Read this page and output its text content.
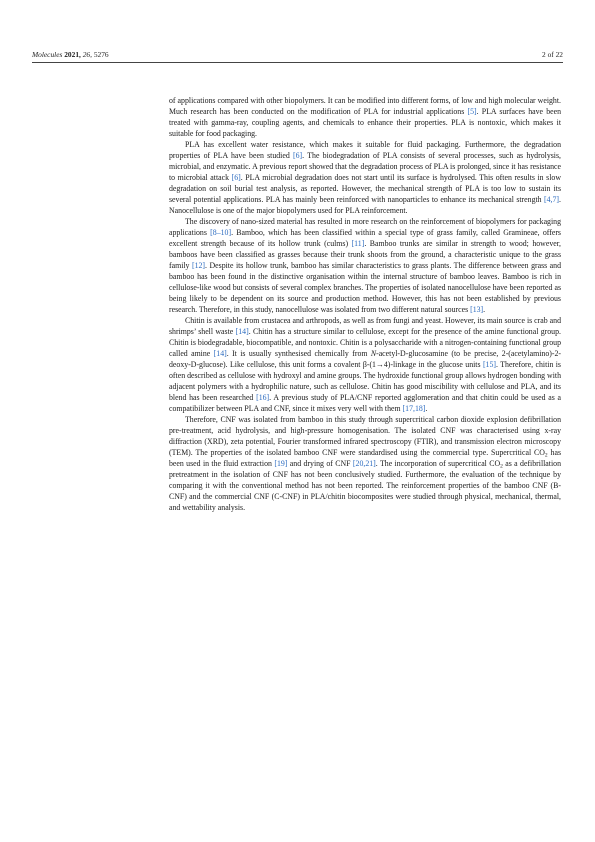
Molecules 2021, 26, 5276	2 of 22

of applications compared with other biopolymers. It can be modified into different forms, of low and high molecular weight. Much research has been conducted on the modification of PLA for industrial applications [5]. PLA surfaces have been treated with gamma-ray, coupling agents, and chemicals to enhance their properties. PLA is nontoxic, which makes it suitable for food packaging.

PLA has excellent water resistance, which makes it suitable for fluid packaging. Furthermore, the degradation properties of PLA have been studied [6]. The biodegradation of PLA consists of several processes, such as hydrolysis, microbial, and enzymatic. A previous report showed that the degradation process of PLA is prolonged, since it has resistance to microbial attack [6]. PLA microbial degradation does not start until its surface is hydrolysed. This often results in slow degradation on soil burial test analysis, as reported. However, the mechanical strength of PLA is too low to sustain its several potential applications. PLA has mainly been reinforced with nanoparticles to enhance its mechanical strength [4,7]. Nanocellulose is one of the major biopolymers used for PLA reinforcement.

The discovery of nano-sized material has resulted in more research on the reinforcement of biopolymers for packaging applications [8–10]. Bamboo, which has been classified within a special type of grass family, called Gramineae, offers excellent strength because of its hollow trunk (culms) [11]. Bamboo trunks are similar in strength to wood; however, bamboos have been classified as grasses because their trunk shoots from the ground, a characteristic unique to the grass family [12]. Despite its hollow trunk, bamboo has similar characteristics to grass plants. The difference between grass and bamboo has been found in the distinctive organisation within the internal structure of bamboo leaves. Bamboo is rich in cellulose-like wood but consists of several complex branches. The properties of isolated nanocellulose have been reported as being likely to be dependent on its source and production method. However, this has not been established by previous research. Therefore, in this study, nanocellulose was isolated from two different natural sources [13].

Chitin is available from crustacea and arthropods, as well as from fungi and yeast. However, its main source is crab and shrimps’ shell waste [14]. Chitin has a structure similar to cellulose, except for the presence of the amine functional group. Chitin is biodegradable, biocompatible, and nontoxic. Chitin is a polysaccharide with a nitrogen-containing functional group called amine [14]. It is usually synthesised chemically from N-acetyl-D-glucosamine (to be precise, 2-(acetylamino)-2-deoxy-D-glucose). Like cellulose, this unit forms a covalent β-(1→4)-linkage in the glucose units [15]. Therefore, chitin is often described as cellulose with hydroxyl and amine groups. The hydroxide functional group allows hydrogen bonding with adjacent polymers with a hydrophilic nature, such as cellulose. Chitin has good miscibility with cellulose and PLA, and its blend has been researched [16]. A previous study of PLA/CNF reported agglomeration and that chitin could be used as a compatibilizer between PLA and CNF, since it mixes very well with them [17,18].

Therefore, CNF was isolated from bamboo in this study through supercritical carbon dioxide explosion defibrillation pre-treatment, acid hydrolysis, and high-pressure homogenisation. The isolated CNF was characterised using x-ray diffraction (XRD), zeta potential, Fourier transformed infrared spectroscopy (FTIR), and transmission electron microscopy (TEM). The properties of the isolated bamboo CNF were standardised using the commercial type. Supercritical $CO_2$ has been used in the fluid extraction [19] and drying of CNF [20,21]. The incorporation of supercritical $CO_2$ as a defibrillation pretreatment in the isolation of CNF has not been conclusively studied. Furthermore, the evaluation of the technique by comparing it with the conventional method has not been reported. The reinforcement properties of the bamboo CNF (B-CNF) and the commercial CNF (C-CNF) in PLA/chitin biocomposites were studied through physical, mechanical, thermal, and wettability analysis.
